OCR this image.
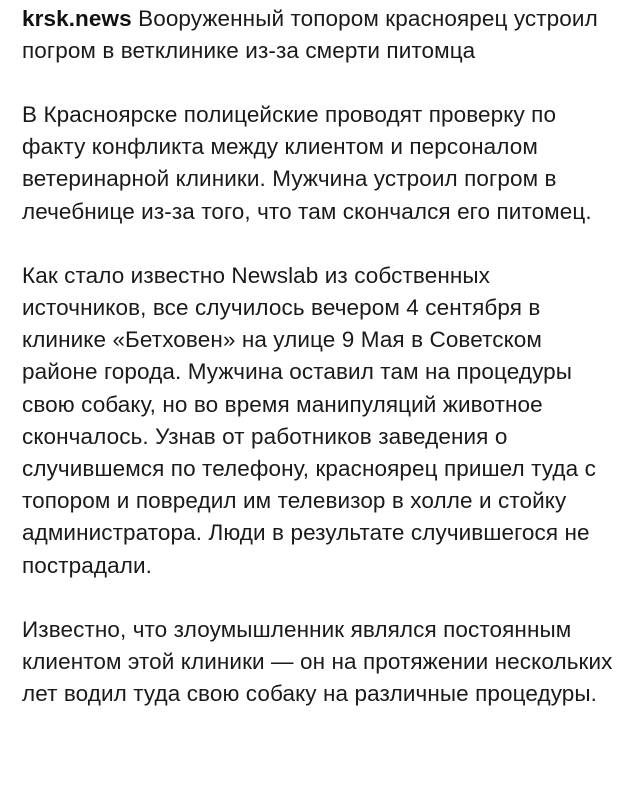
krsk.news Вооруженный топором красноярец устроил погром в ветклинике из-за смерти питомца

В Красноярске полицейские проводят проверку по факту конфликта между клиентом и персоналом ветеринарной клиники. Мужчина устроил погром в лечебнице из-за того, что там скончался его питомец.

Как стало известно Newslab из собственных источников, все случилось вечером 4 сентября в клинике «Бетховен» на улице 9 Мая в Советском районе города. Мужчина оставил там на процедуры свою собаку, но во время манипуляций животное скончалось. Узнав от работников заведения о случившемся по телефону, красноярец пришел туда с топором и повредил им телевизор в холле и стойку администратора. Люди в результате случившегося не пострадали.

Известно, что злоумышленник являлся постоянным клиентом этой клиники — он на протяжении нескольких лет водил туда свою собаку на различные процедуры.
